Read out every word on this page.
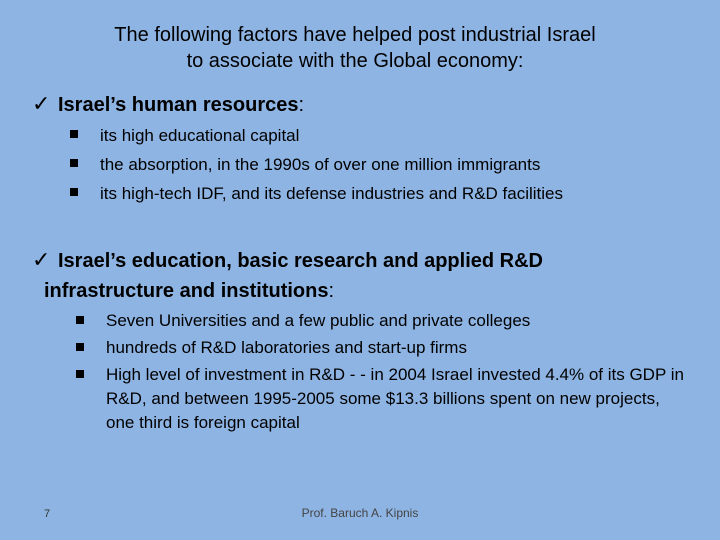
The following factors have helped post industrial Israel
to associate with the Global economy:
✓ Israel’s human resources:
its high educational capital
the absorption, in the 1990s of over one million immigrants
its high-tech IDF, and its defense industries and R&D facilities
✓ Israel’s education, basic research and applied R&D
infrastructure and institutions:
Seven Universities and a few public and private colleges
hundreds of R&D laboratories and start-up firms
High level of investment in R&D - - in 2004 Israel invested 4.4% of its GDP in R&D, and between 1995-2005 some $13.3 billions spent on new projects, one third is foreign capital
7	Prof. Baruch A. Kipnis
